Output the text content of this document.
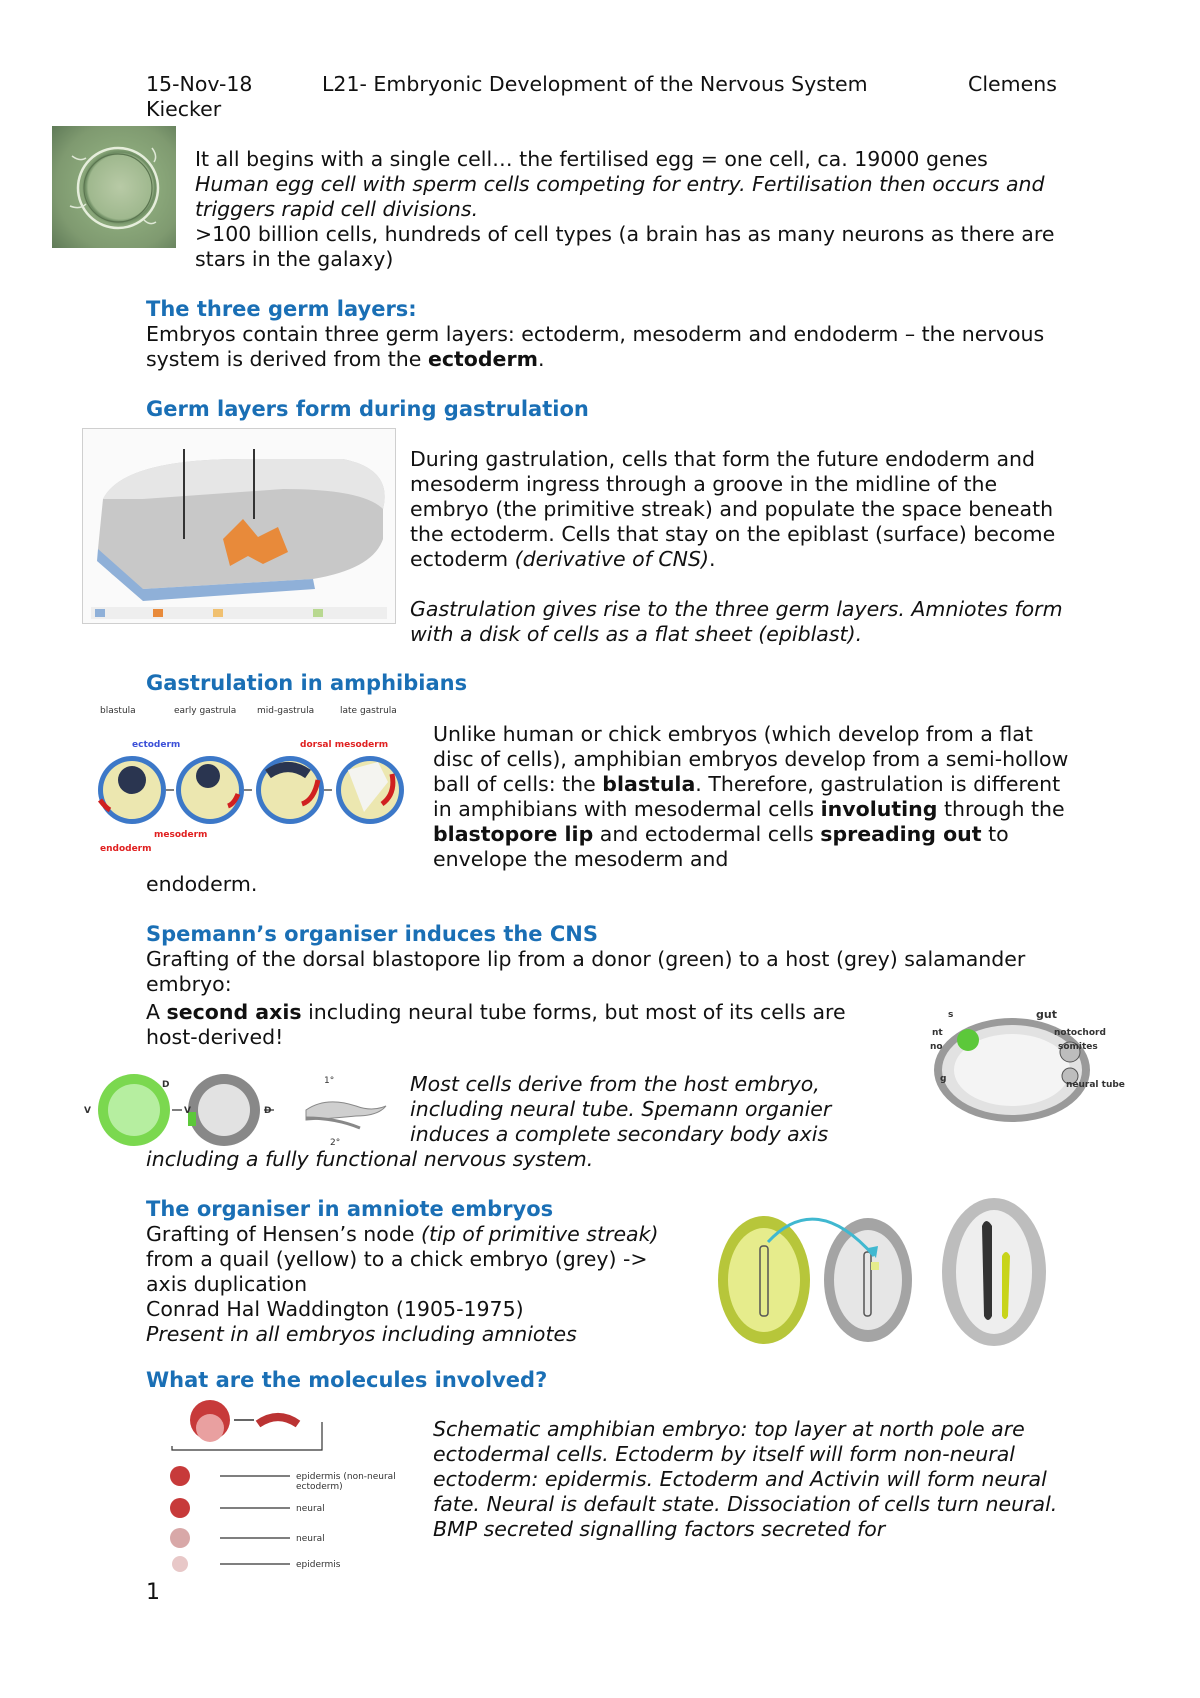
15-Nov-18	L21- Embryonic Development of the Nervous System	Clemens
Kiecker
It all begins with a single cell… the fertilised egg = one cell, ca. 19000 genes
Human egg cell with sperm cells competing for entry. Fertilisation then occurs and triggers rapid cell divisions.
>100 billion cells, hundreds of cell types (a brain has as many neurons as there are stars in the galaxy)
The three germ layers:
Embryos contain three germ layers: ectoderm, mesoderm and endoderm – the nervous system is derived from the ectoderm.
Germ layers form during gastrulation
During gastrulation, cells that form the future endoderm and mesoderm ingress through a groove in the midline of the embryo (the primitive streak) and populate the space beneath the ectoderm. Cells that stay on the epiblast (surface) become ectoderm (derivative of CNS).
Gastrulation gives rise to the three germ layers. Amniotes form with a disk of cells as a flat sheet (epiblast).
Gastrulation in amphibians
blastula	early gastrula mid-gastrula	late gastrula
ectoderm	dorsal mesoderm
mesoderm
endoderm
Unlike human or chick embryos (which develop from a flat disc of cells), amphibian embryos develop from a semi-hollow ball of cells: the blastula. Therefore, gastrulation is different in amphibians with mesodermal cells involuting through the blastopore lip and ectodermal cells spreading out to envelope the mesoderm and
endoderm.
Spemann’s organiser induces the CNS
Grafting of the dorsal blastopore lip from a donor (green) to a host (grey) salamander embryo:
A second axis including neural tube forms, but most of its cells are host-derived!
s	gut
nt
no
notochord
somites
g
neural tube
V
D
V	D
1°
2°
Most cells derive from the host embryo, including neural tube. Spemann organier induces a complete secondary body axis
including a fully functional nervous system.
The organiser in amniote embryos
Grafting of Hensen’s node (tip of primitive streak)
from a quail (yellow) to a chick embryo (grey) ->
axis duplication
Conrad Hal Waddington (1905-1975)
Present in all embryos including amniotes
What are the molecules involved?
epidermis (non-neural ectoderm)
neural
neural
epidermis
Schematic amphibian embryo: top layer at north pole are ectodermal cells. Ectoderm by itself will form non-neural ectoderm: epidermis. Ectoderm and Activin will form neural fate. Neural is default state. Dissociation of cells turn neural. BMP secreted signalling factors secreted for
1
